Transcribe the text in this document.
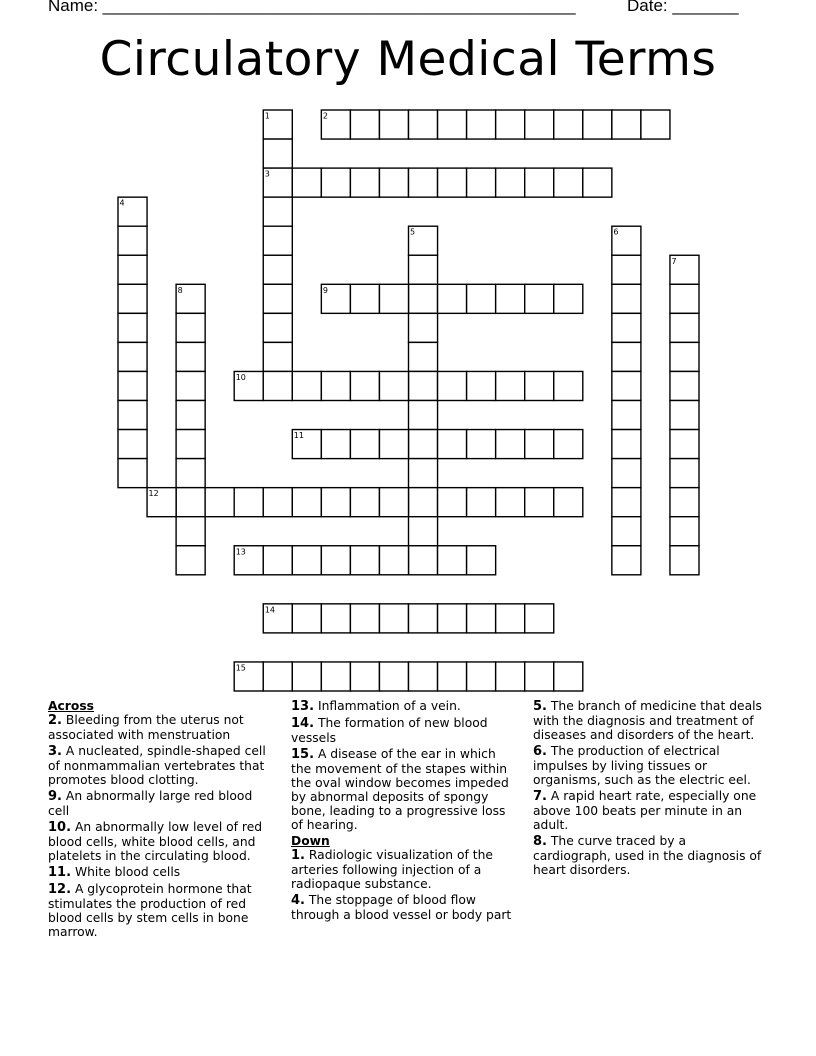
Name: __________________________________________________	Date: _______
Circulatory Medical Terms
1	2
3
4
5	6
7
8	9
10
11
12
13
14
15
Across
2. Bleeding from the uterus not associated with menstruation
3. A nucleated, spindle-shaped cell of nonmammalian vertebrates that promotes blood clotting.
9. An abnormally large red blood cell
10. An abnormally low level of red blood cells, white blood cells, and platelets in the circulating blood.
11. White blood cells
12. A glycoprotein hormone that stimulates the production of red blood cells by stem cells in bone marrow.
13. Inflammation of a vein.
14. The formation of new blood vessels
15. A disease of the ear in which the movement of the stapes within the oval window becomes impeded by abnormal deposits of spongy bone, leading to a progressive loss of hearing.
Down
1. Radiologic visualization of the arteries following injection of a radiopaque substance.
4. The stoppage of blood flow through a blood vessel or body part
5. The branch of medicine that deals with the diagnosis and treatment of diseases and disorders of the heart.
6. The production of electrical impulses by living tissues or organisms, such as the electric eel.
7. A rapid heart rate, especially one above 100 beats per minute in an adult.
8. The curve traced by a cardiograph, used in the diagnosis of heart disorders.
